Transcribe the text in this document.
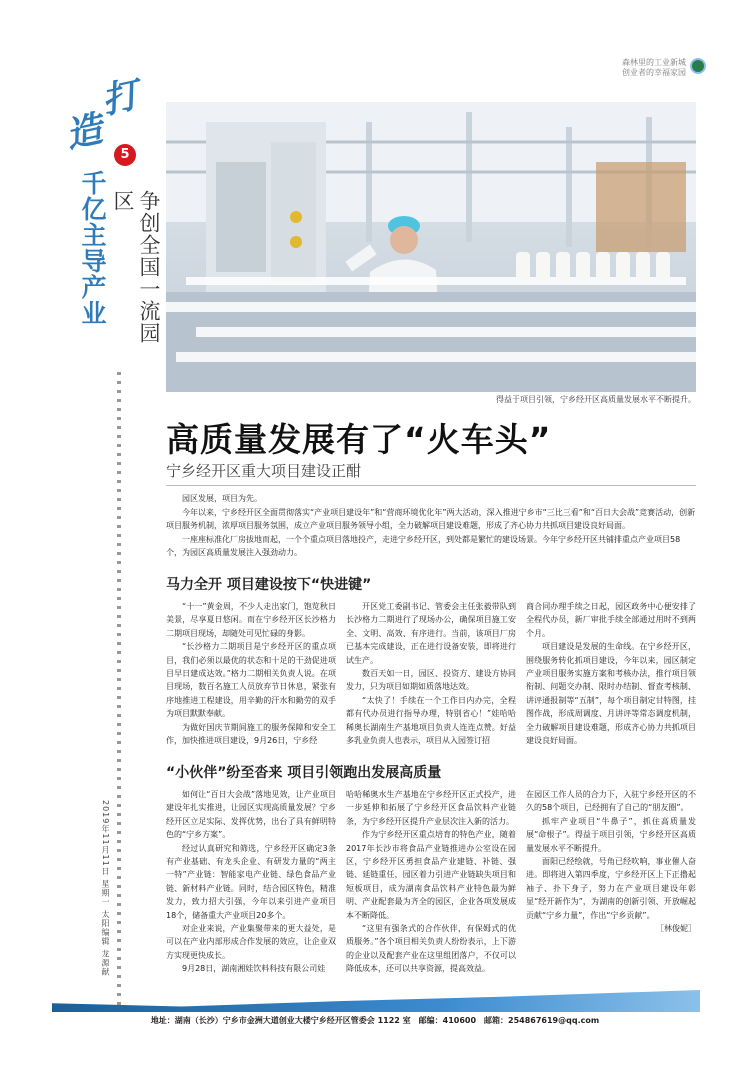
森林里的工业新城
创业者的幸福家园
打
造	5
千亿主导产业	争创全国一流园区
2019年11月11日 星期一 太阳编辑 龙源献
得益于项目引领，宁乡经开区高质量发展水平不断提升。
高质量发展有了“火车头”
宁乡经开区重大项目建设正酣

园区发展，项目为先。

今年以来，宁乡经开区全面贯彻落实“产业项目建设年”和“营商环境优化年”两大活动，深入推进宁乡市“三比三看”和“百日大会战”竞赛活动，创新项目服务机制，浓厚项目服务氛围，成立产业项目服务领导小组，全力破解项目建设难题，形成了齐心协力共抓项目建设良好局面。

一座座标准化厂房拔地而起，一个个重点项目落地投产，走进宁乡经开区，到处都是繁忙的建设场景。今年宁乡经开区共铺排重点产业项目58个，为园区高质量发展注入强劲动力。

马力全开 项目建设按下“快进键”

“十一”黄金周，不少人走出家门，饱览秋日美景，尽享夏日悠闲。而在宁乡经开区长沙格力二期项目现场，却随处可见忙碌的身影。

“长沙格力二期项目是宁乡经开区的重点项目，我们必须以最优的状态和十足的干劲促进项目早日建成达效。”格力二期相关负责人说。在项目现场，数百名施工人员放弃节日休息，紧张有序地推进工程建设，用辛勤的汗水和勤劳的双手为项目默默奉献。

为做好国庆节期间施工的服务保障和安全工作，加快推进项目建设，9月26日，宁乡经

开区党工委副书记、管委会主任张毅带队到长沙格力二期进行了现场办公，确保项目施工安全、文明、高效、有序进行。当前，该项目厂房已基本完成建设，正在进行设备安装，即将进行试生产。

数百天如一日，园区、投资方、建设方协同发力，只为项目如期如质落地达效。

“太快了！手续在一个工作日内办完，全程都有代办员进行指导办理，特别省心！”娃哈哈稀奥长湖南生产基地项目负责人连连点赞。好益多乳业负责人也表示，项目从入园签订招

商合同办理手续之日起，园区政务中心便安排了全程代办员，新厂审批手续全部通过用时不到两个月。

项目建设是发展的生命线。在宁乡经开区，围绕服务转化抓项目建设，今年以来，园区制定产业项目服务实施方案和考核办法，推行项目领衔制、问题交办制、限时办结制、督查考核制、讲评通报制等“五制”，每个项目制定甘特图，挂图作战，形成周调度、月讲评等常态调度机制，全力破解项目建设难题，形成齐心协力共抓项目建设良好局面。

“小伙伴”纷至沓来 项目引领跑出发展高质量

如何让“百日大会战”落地见效，让产业项目建设年扎实推进，让园区实现高质量发展？宁乡经开区立足实际、发挥优势，出台了具有鲜明特色的“宁乡方案”。

经过认真研究和筛选，宁乡经开区确定3条有产业基础、有龙头企业、有研发力量的“两主一特”产业链：智能家电产业链、绿色食品产业链、新材料产业链。同时，结合园区特色，精准发力，致力招大引强，今年以来引进产业项目18个，储备重大产业项目20多个。

对企业来说，产业集聚带来的更大益处，是可以在产业内部形成合作发展的效应，让企业双方实现更快成长。

9月28日，湖南湘娃饮料科技有限公司娃

哈哈稀奥水生产基地在宁乡经开区正式投产，进一步延伸和拓展了宁乡经开区食品饮料产业链条，为宁乡经开区提升产业层次注入新的活力。

作为宁乡经开区重点培育的特色产业，随着2017年长沙市将食品产业链推进办公室设在园区，宁乡经开区勇担食品产业建链、补链、强链、延链重任，园区着力引进产业链缺失项目和短板项目，成为湖南食品饮料产业特色最为鲜明、产业配套最为齐全的园区，企业各项发展成本不断降低。

“这里有强条式的合作伙伴，有保姆式的优质服务。”各个项目相关负责人纷纷表示，上下游的企业以及配套产业在这里组团落户，不仅可以降低成本，还可以共享资源，提高效益。

在园区工作人员的合力下，入驻宁乡经开区的不久的58个项目，已经拥有了自己的“朋友圈”。

抓牢产业项目“牛鼻子”，抓住高质量发展“命根子”。得益于项目引领，宁乡经开区高质量发展水平不断提升。

面阳已经绘就，号角已经吹响，事业催人奋进。即将进入第四季度，宁乡经开区上下正撸起袖子、扑下身子，努力在产业项目建设年彰显“经开新作为”，为湖南的创新引领、开放崛起贡献“宁乡力量”，作出“宁乡贡献”。

［林俊妮］
地址：湖南（长沙）宁乡市金洲大道创业大楼宁乡经开区管委会 1122 室　邮编：410600　邮箱：254867619@qq.com
